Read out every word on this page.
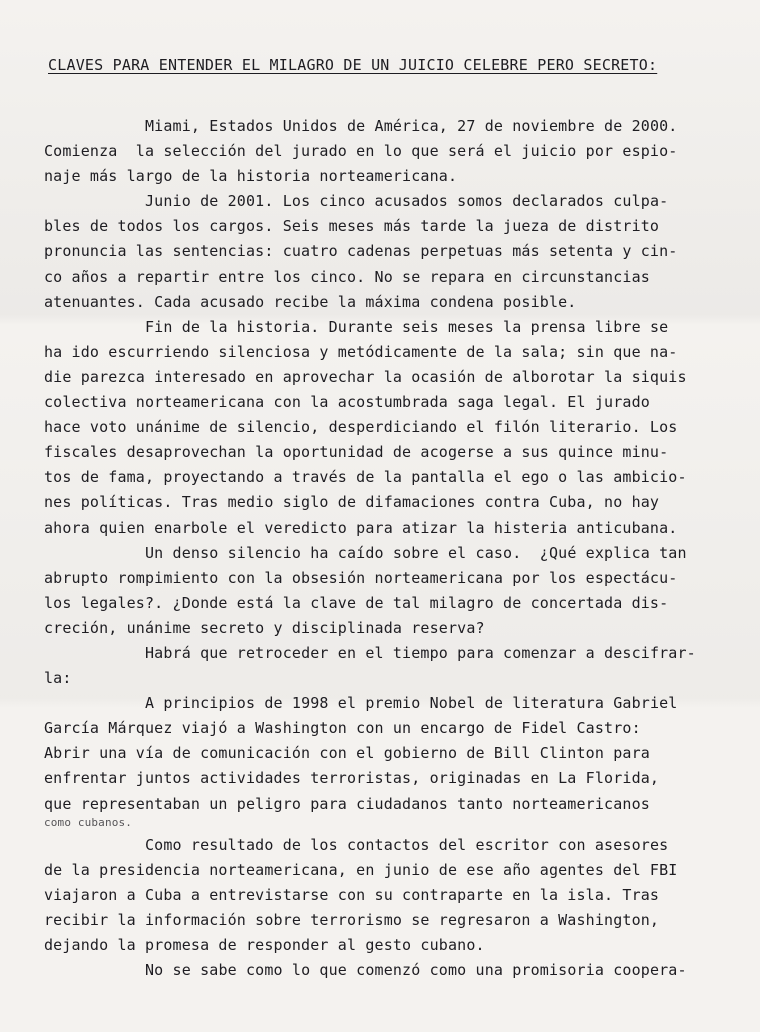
CLAVES PARA ENTENDER EL MILAGRO DE UN JUICIO CELEBRE PERO SECRETO:
Miami, Estados Unidos de América, 27 de noviembre de 2000.
Comienza  la selección del jurado en lo que será el juicio por espio-
naje más largo de la historia norteamericana.
Junio de 2001. Los cinco acusados somos declarados culpa-
bles de todos los cargos. Seis meses más tarde la jueza de distrito
pronuncia las sentencias: cuatro cadenas perpetuas más setenta y cin-
co años a repartir entre los cinco. No se repara en circunstancias
atenuantes. Cada acusado recibe la máxima condena posible.
Fin de la historia. Durante seis meses la prensa libre se
ha ido escurriendo silenciosa y metódicamente de la sala; sin que na-
die parezca interesado en aprovechar la ocasión de alborotar la siquis
colectiva norteamericana con la acostumbrada saga legal. El jurado
hace voto unánime de silencio, desperdiciando el filón literario. Los
fiscales desaprovechan la oportunidad de acogerse a sus quince minu-
tos de fama, proyectando a través de la pantalla el ego o las ambicio-
nes políticas. Tras medio siglo de difamaciones contra Cuba, no hay
ahora quien enarbole el veredicto para atizar la histeria anticubana.
Un denso silencio ha caído sobre el caso.  ¿Qué explica tan
abrupto rompimiento con la obsesión norteamericana por los espectácu-
los legales?. ¿Donde está la clave de tal milagro de concertada dis-
creción, unánime secreto y disciplinada reserva?
Habrá que retroceder en el tiempo para comenzar a descifrar-
la:
A principios de 1998 el premio Nobel de literatura Gabriel
García Márquez viajó a Washington con un encargo de Fidel Castro:
Abrir una vía de comunicación con el gobierno de Bill Clinton para
enfrentar juntos actividades terroristas, originadas en La Florida,
que representaban un peligro para ciudadanos tanto norteamericanos
como cubanos.
Como resultado de los contactos del escritor con asesores
de la presidencia norteamericana, en junio de ese año agentes del FBI
viajaron a Cuba a entrevistarse con su contraparte en la isla. Tras
recibir la información sobre terrorismo se regresaron a Washington,
dejando la promesa de responder al gesto cubano.
No se sabe como lo que comenzó como una promisoria coopera-
